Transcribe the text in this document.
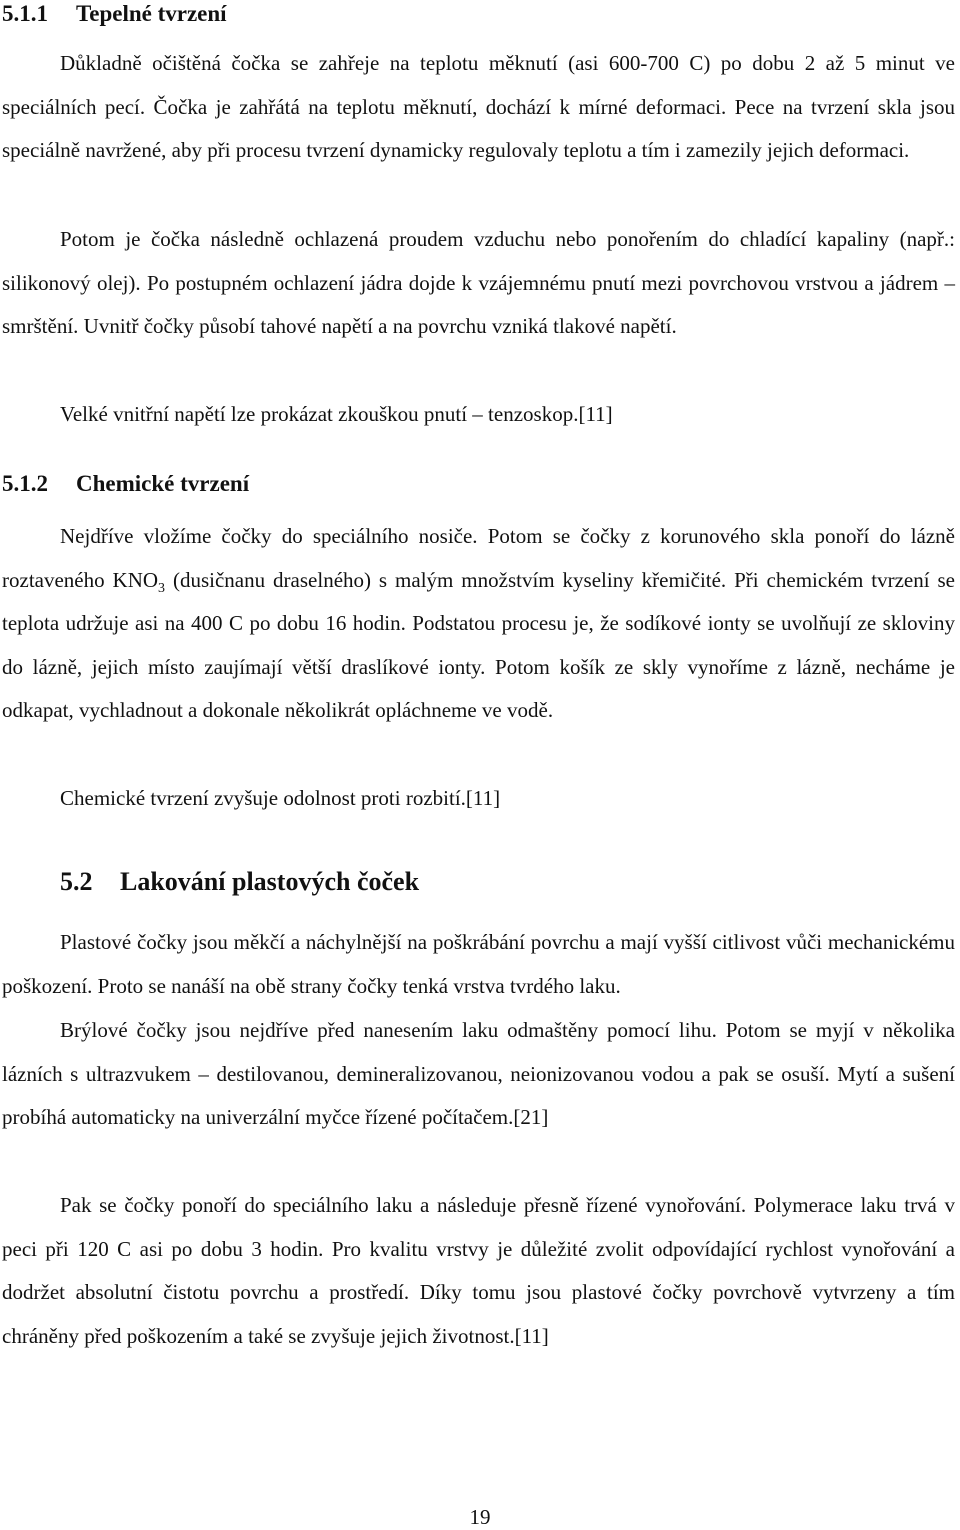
5.1.1 Tepelné tvrzení
Důkladně očištěná čočka se zahřeje na teplotu měknutí (asi 600-700 C) po dobu 2 až 5 minut ve speciálních pecí. Čočka je zahřátá na teplotu měknutí, dochází k mírné deformaci. Pece na tvrzení skla jsou speciálně navržené, aby při procesu tvrzení dynamicky regulovaly teplotu a tím i zamezily jejich deformaci.
Potom je čočka následně ochlazená proudem vzduchu nebo ponořením do chladící kapaliny (např.: silikonový olej). Po postupném ochlazení jádra dojde k vzájemnému pnutí mezi povrchovou vrstvou a jádrem – smrštění. Uvnitř čočky působí tahové napětí a na povrchu vzniká tlakové napětí.
Velké vnitřní napětí lze prokázat zkouškou pnutí – tenzoskop.[11]
5.1.2 Chemické tvrzení
Nejdříve vložíme čočky do speciálního nosiče. Potom se čočky z korunového skla ponoří do lázně roztaveného $KNO_3$ (dusičnanu draselného) s malým množstvím kyseliny křemičité. Při chemickém tvrzení se teplota udržuje asi na 400 C po dobu 16 hodin. Podstatou procesu je, že sodíkové ionty se uvolňují ze skloviny do lázně, jejich místo zaujímají větší draslíkové ionty. Potom košík ze skly vynoříme z lázně, necháme je odkapat, vychladnout a dokonale několikrát opláchneme ve vodě.
Chemické tvrzení zvyšuje odolnost proti rozbití.[11]
5.2 Lakování plastových čoček
Plastové čočky jsou měkčí a náchylnější na poškrábání povrchu a mají vyšší citlivost vůči mechanickému poškození. Proto se nanáší na obě strany čočky tenká vrstva tvrdého laku.
Brýlové čočky jsou nejdříve před nanesením laku odmaštěny pomocí lihu. Potom se myjí v několika lázních s ultrazvukem – destilovanou, demineralizovanou, neionizovanou vodou a pak se osuší. Mytí a sušení probíhá automaticky na univerzální myčce řízené počítačem.[21]
Pak se čočky ponoří do speciálního laku a následuje přesně řízené vynořování. Polymerace laku trvá v peci při 120 C asi po dobu 3 hodin. Pro kvalitu vrstvy je důležité zvolit odpovídající rychlost vynořování a dodržet absolutní čistotu povrchu a prostředí. Díky tomu jsou plastové čočky povrchově vytvrzeny a tím chráněny před poškozením a také se zvyšuje jejich životnost.[11]
19
